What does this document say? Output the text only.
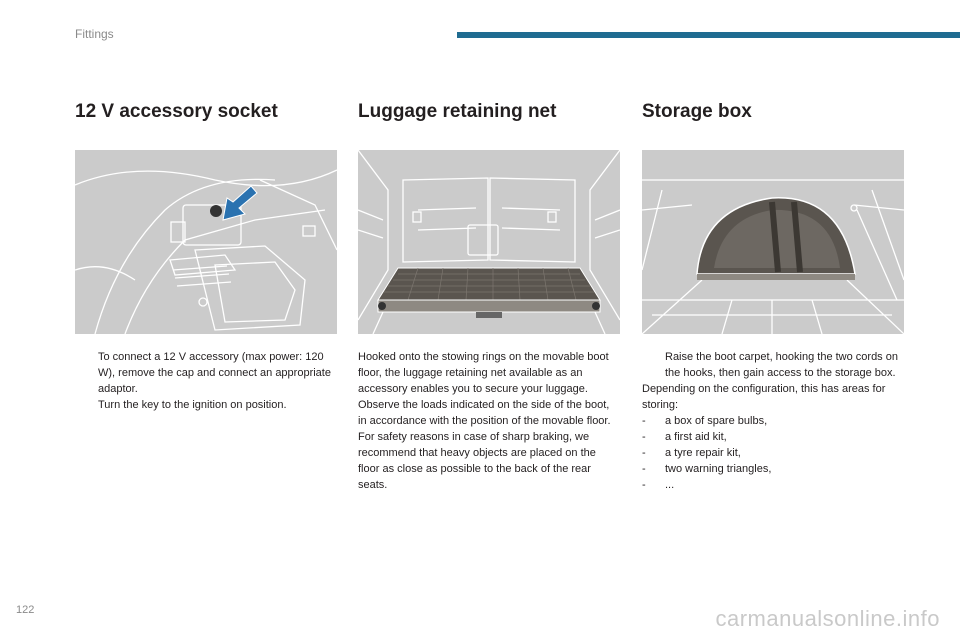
Fittings
12 V accessory socket
To connect a 12 V accessory (max power: 120 W), remove the cap and connect an appropriate adaptor.
Turn the key to the ignition on position.
Luggage retaining net
Hooked onto the stowing rings on the movable boot floor, the luggage retaining net available as an accessory enables you to secure your luggage.
Observe the loads indicated on the side of the boot, in accordance with the position of the movable floor.
For safety reasons in case of sharp braking, we recommend that heavy objects are placed on the floor as close as possible to the back of the rear seats.
Storage box
Raise the boot carpet, hooking the two cords on the hooks, then gain access to the storage box.
Depending on the configuration, this has areas for storing:
- a box of spare bulbs,
- a first aid kit,
- a tyre repair kit,
- two warning triangles,
- ...
122	carmanualsonline.info
